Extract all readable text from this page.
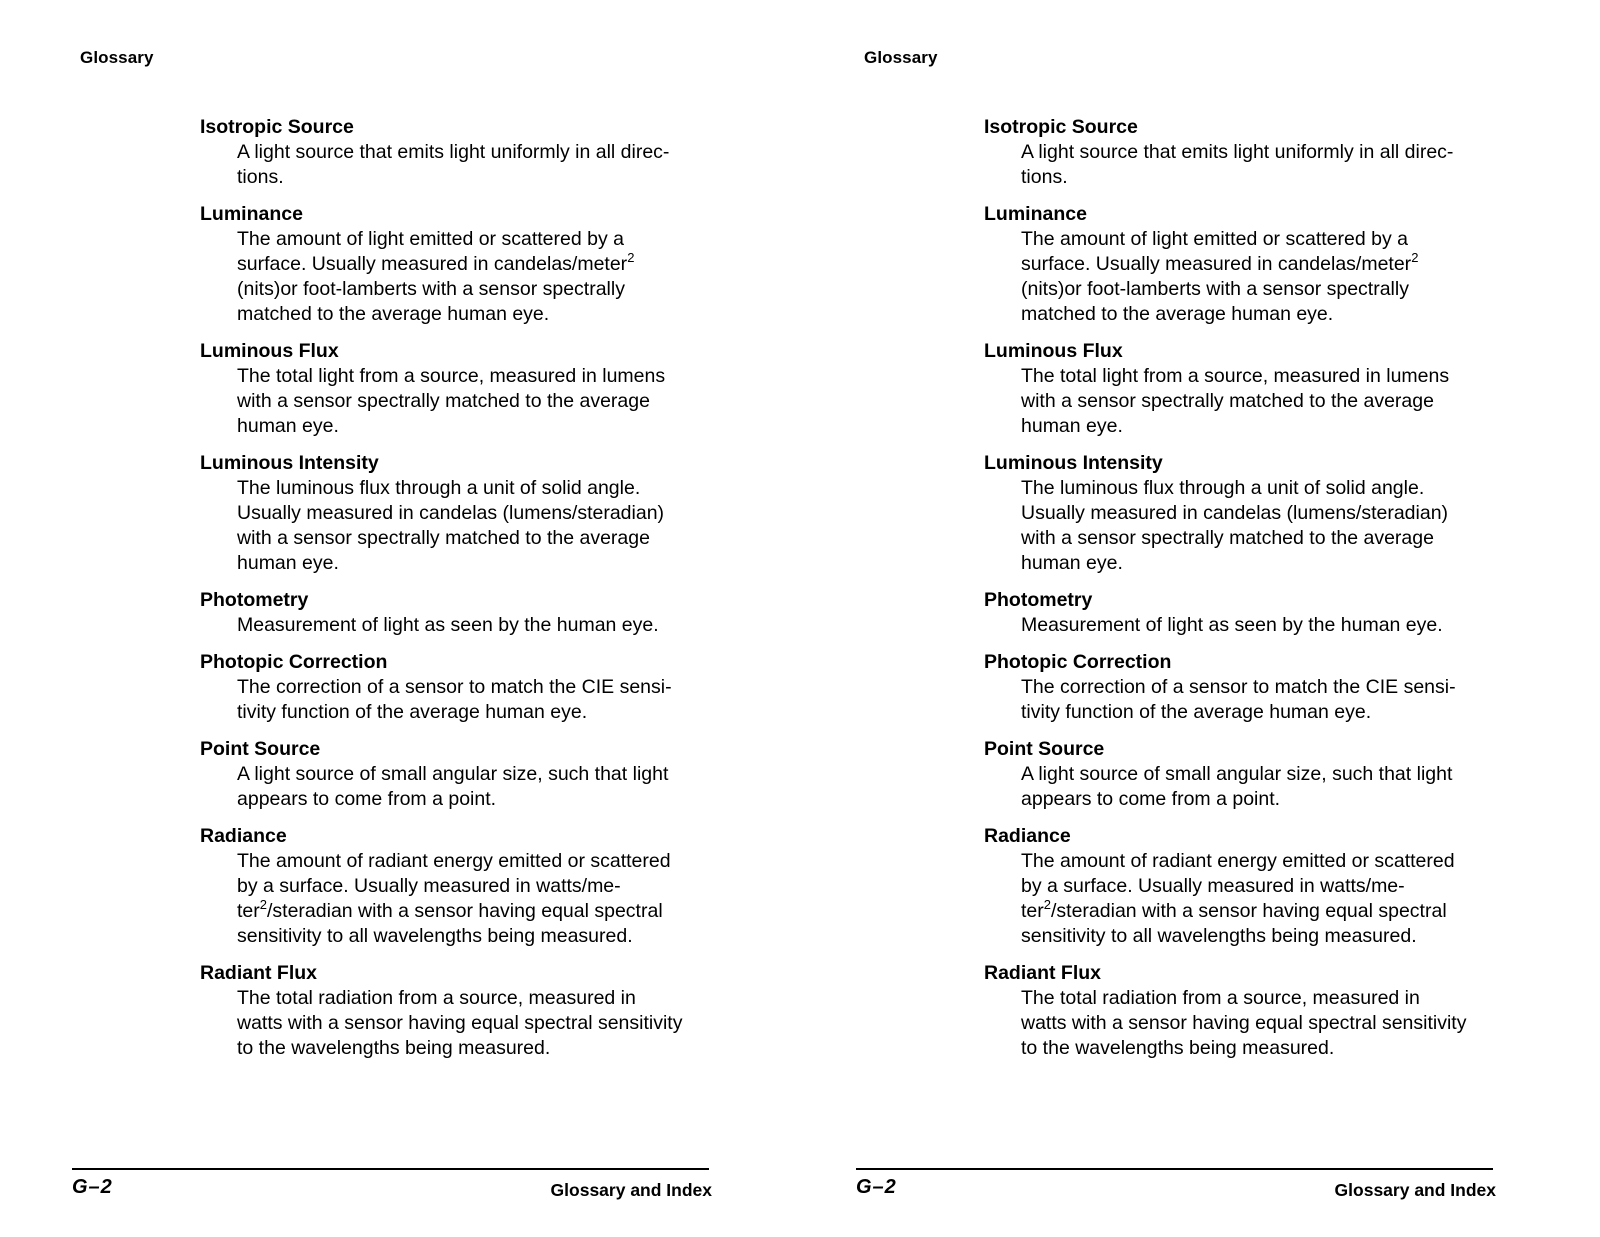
Glossary
Isotropic Source
A light source that emits light uniformly in all direc-
tions.
Luminance
The amount of light emitted or scattered by a
surface. Usually measured in candelas/meter$^2$
(nits)or foot-lamberts with a sensor spectrally
matched to the average human eye.
Luminous Flux
The total light from a source, measured in lumens
with a sensor spectrally matched to the average
human eye.
Luminous Intensity
The luminous flux through a unit of solid angle.
Usually measured in candelas (lumens/steradian)
with a sensor spectrally matched to the average
human eye.
Photometry
Measurement of light as seen by the human eye.
Photopic Correction
The correction of a sensor to match the CIE sensi-
tivity function of the average human eye.
Point Source
A light source of small angular size, such that light
appears to come from a point.
Radiance
The amount of radiant energy emitted or scattered
by a surface. Usually measured in watts/me-
ter$^2$/steradian with a sensor having equal spectral
sensitivity to all wavelengths being measured.
Radiant Flux
The total radiation from a source, measured in
watts with a sensor having equal spectral sensitivity
to the wavelengths being measured.
G–2	Glossary and Index
Glossary
Isotropic Source
A light source that emits light uniformly in all direc-
tions.
Luminance
The amount of light emitted or scattered by a
surface. Usually measured in candelas/meter$^2$
(nits)or foot-lamberts with a sensor spectrally
matched to the average human eye.
Luminous Flux
The total light from a source, measured in lumens
with a sensor spectrally matched to the average
human eye.
Luminous Intensity
The luminous flux through a unit of solid angle.
Usually measured in candelas (lumens/steradian)
with a sensor spectrally matched to the average
human eye.
Photometry
Measurement of light as seen by the human eye.
Photopic Correction
The correction of a sensor to match the CIE sensi-
tivity function of the average human eye.
Point Source
A light source of small angular size, such that light
appears to come from a point.
Radiance
The amount of radiant energy emitted or scattered
by a surface. Usually measured in watts/me-
ter$^2$/steradian with a sensor having equal spectral
sensitivity to all wavelengths being measured.
Radiant Flux
The total radiation from a source, measured in
watts with a sensor having equal spectral sensitivity
to the wavelengths being measured.
G–2	Glossary and Index
